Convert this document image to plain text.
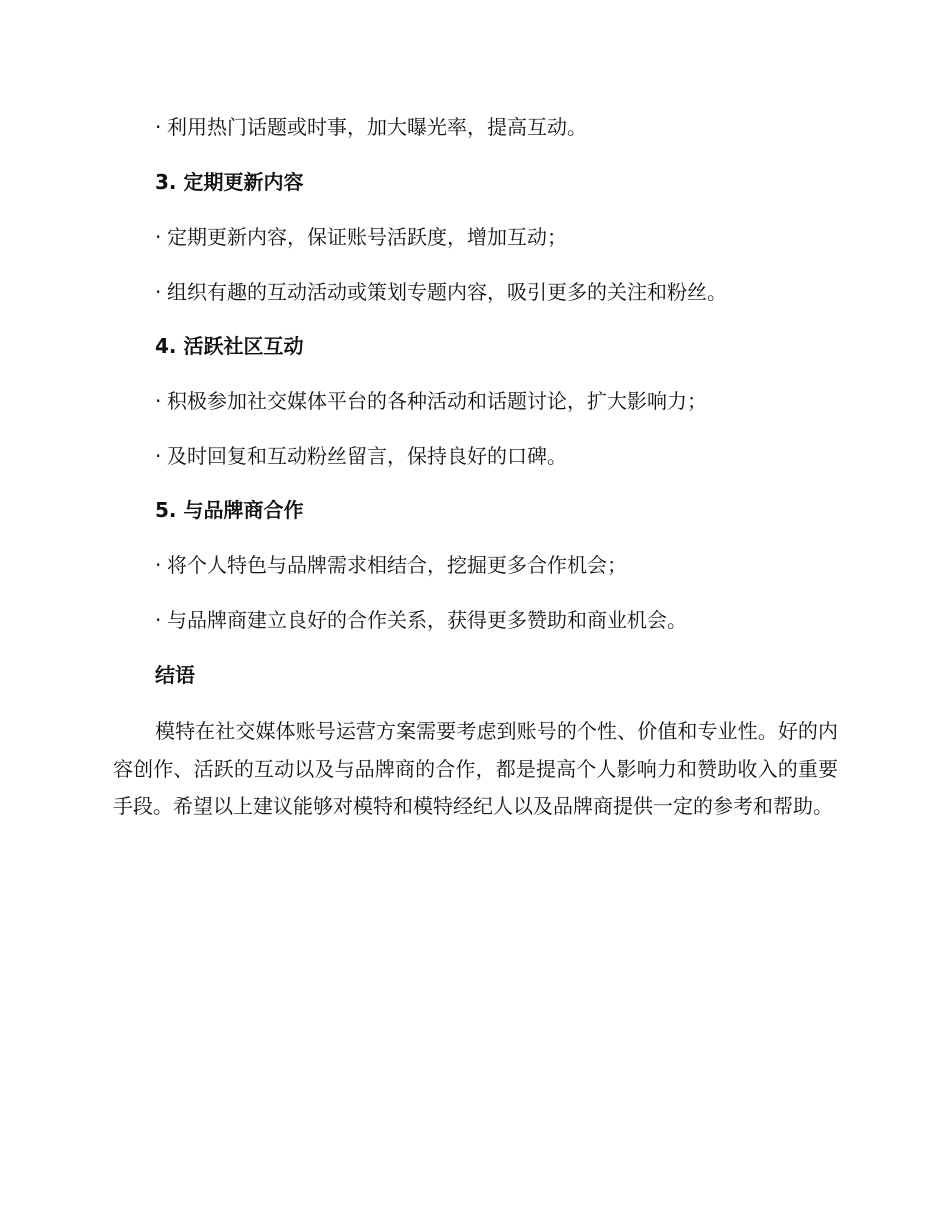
· 利用热门话题或时事，加大曝光率，提高互动。
3. 定期更新内容
· 定期更新内容，保证账号活跃度，增加互动；
· 组织有趣的互动活动或策划专题内容，吸引更多的关注和粉丝。
4. 活跃社区互动
· 积极参加社交媒体平台的各种活动和话题讨论，扩大影响力；
· 及时回复和互动粉丝留言，保持良好的口碑。
5. 与品牌商合作
· 将个人特色与品牌需求相结合，挖掘更多合作机会；
· 与品牌商建立良好的合作关系，获得更多赞助和商业机会。
结语

模特在社交媒体账号运营方案需要考虑到账号的个性、价值和专业性。好的内容创作、活跃的互动以及与品牌商的合作，都是提高个人影响力和赞助收入的重要手段。希望以上建议能够对模特和模特经纪人以及品牌商提供一定的参考和帮助。
